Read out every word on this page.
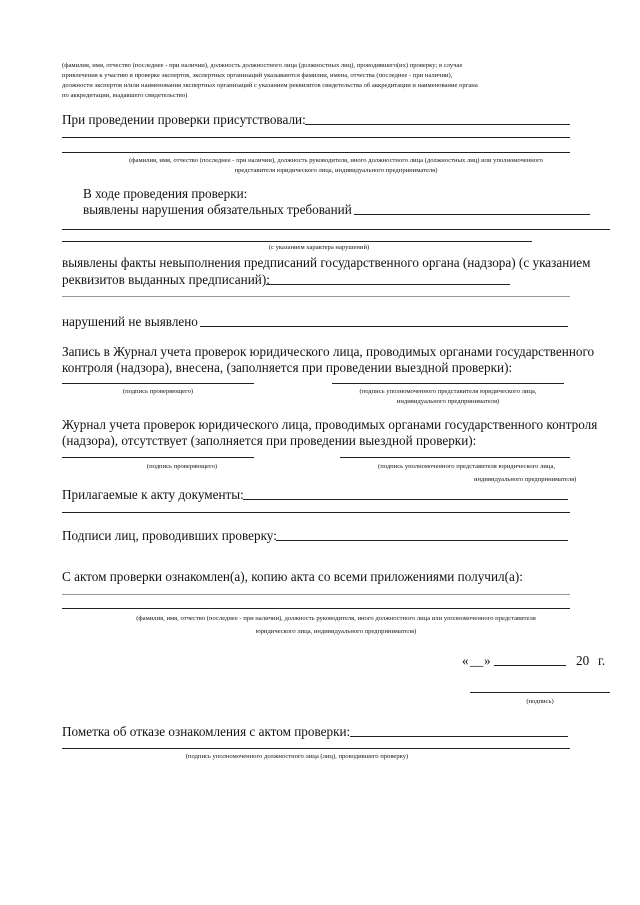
(фамилия, имя, отчество (последнее - при наличии), должность должностного лица (должностных лиц), проводившего(их) проверку; в случае
привлечения к участию в проверке экспертов, экспертных организаций указываются фамилии, имена, отчества (последнее - при наличии),
должности экспертов и/или наименования экспертных организаций с указанием реквизитов свидетельства об аккредитации и наименование органа
по аккредитации, выдавшего свидетельство)
При проведении проверки присутствовали:
(фамилия, имя, отчество (последнее - при наличии), должность руководителя, иного должностного лица (должностных лиц) или уполномоченного
представителя юридического лица, индивидуального предпринимателя)
В ходе проведения проверки:
выявлены нарушения обязательных требований
(с указанием характера нарушений)
выявлены факты невыполнения предписаний государственного органа (надзора) (с указанием
реквизитов выданных предписаний):
нарушений не выявлено
Запись в Журнал учета проверок юридического лица, проводимых органами государственного
контроля (надзора), внесена, (заполняется при проведении выездной проверки):
(подпись проверяющего)	(подпись уполномоченного представителя юридического лица,
индивидуального предпринимателя)
Журнал учета проверок юридического лица, проводимых органами государственного контроля
(надзора), отсутствует (заполняется при проведении выездной проверки):
(подпись проверяющего)	(подпись уполномоченного представителя юридического лица,
индивидуального предпринимателя)
Прилагаемые к акту документы:
Подписи лиц, проводивших проверку:
С актом проверки ознакомлен(а), копию акта со всеми приложениями получил(а):
(фамилия, имя, отчество (последнее - при наличии), должность руководителя, иного должностного лица или уполномоченного представителя
юридического лица, индивидуального предпринимателя)
« __ »	20 г.
(подпись)
Пометка об отказе ознакомления с актом проверки:
(подпись уполномоченного должностного лица (лиц), проводившего проверку)
